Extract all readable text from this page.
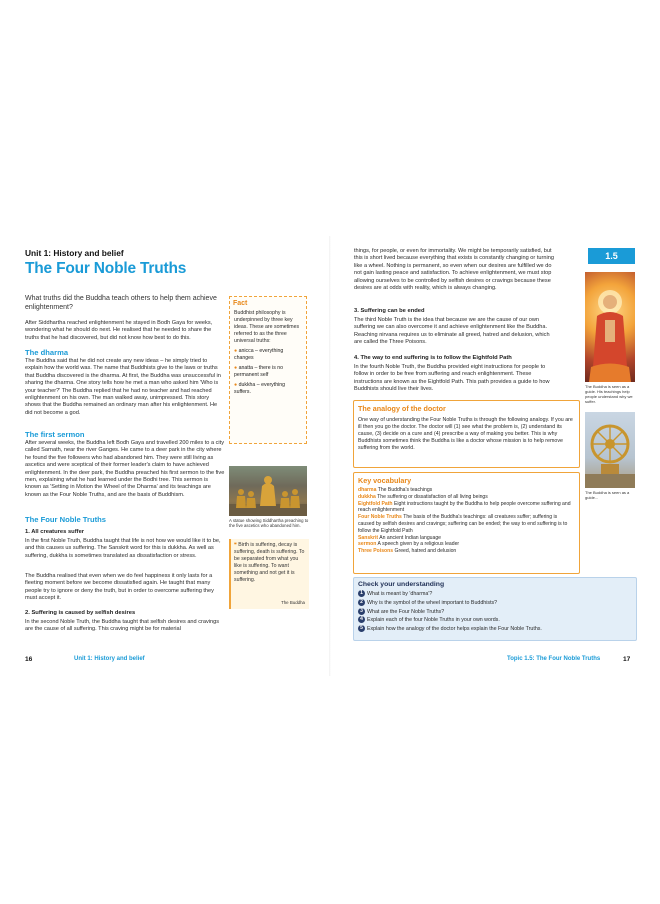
Unit 1: History and belief
The Four Noble Truths

What truths did the Buddha teach others to help them achieve enlightenment?

After Siddhartha reached enlightenment he stayed in Bodh Gaya for weeks, wondering what he should do next. He realised that he needed to share the truths that he had discovered, but did not know how best to do this.

The dharma

The Buddha said that he did not create any new ideas – he simply tried to explain how the world was. The name that Buddhists give to the laws or truths that Buddha discovered is the dharma. At first, the Buddha was unsuccessful in sharing the dharma. One story tells how he met a man who asked him 'Who is your teacher?' The Buddha replied that he had no teacher and had reached enlightenment on his own. The man walked away, unimpressed. This story shows that the Buddha remained an ordinary man after his enlightenment. He did not become a god.

The first sermon

After several weeks, the Buddha left Bodh Gaya and travelled 200 miles to a city called Sarnath, near the river Ganges. He came to a deer park in the city where he found the five followers who had abandoned him. They were still living as ascetics and were sceptical of their former leader's claim to have achieved enlightenment. In the deer park, the Buddha preached his first sermon to the five men, explaining what he had learned under the Bodhi tree. This sermon is known as 'Setting in Motion the Wheel of the Dharma' and its teachings are known as the Four Noble Truths, and are the basis of Buddhism.

The Four Noble Truths
1. All creatures suffer

In the first Noble Truth, Buddha taught that life is not how we would like it to be, and this causes us suffering. The Sanskrit word for this is dukkha. As well as suffering, dukkha is sometimes translated as dissatisfaction or stress.

The Buddha realised that even when we do feel happiness it only lasts for a fleeting moment before we become dissatisfied again. He taught that many people try to ignore or deny the truth, but in order to overcome suffering they must accept it.

2. Suffering is caused by selfish desires

In the second Noble Truth, the Buddha taught that selfish desires and cravings are the cause of all suffering. This craving might be for material

Fact

Buddhist philosophy is underpinned by three key ideas. These are sometimes referred to as the three universal truths:

● anicca – everything changes
● anatta – there is no permanent self
● dukkha – everything suffers.

A statue showing Siddhartha preaching to the five ascetics who abandoned him.

❝ Birth is suffering, decay is suffering, death is suffering. To be separated from what you like is suffering. To want something and not get it is suffering.

The Buddha
16	Unit 1: History and belief

things, for people, or even for immortality. We might be temporarily satisfied, but this is short lived because everything that exists is constantly changing or turning like a wheel. Nothing is permanent, so even when our desires are fulfilled we do not gain lasting peace and satisfaction. To achieve enlightenment, we must stop allowing ourselves to be controlled by selfish desires or cravings because these desires are at odds with reality, which is always changing.

3. Suffering can be ended

The third Noble Truth is the idea that because we are the cause of our own suffering we can also overcome it and achieve enlightenment like the Buddha. Reaching nirvana requires us to eliminate all greed, hatred and delusion, which are called the Three Poisons.

4. The way to end suffering is to follow the Eightfold Path

In the fourth Noble Truth, the Buddha provided eight instructions for people to follow in order to be free from suffering and reach enlightenment. These instructions are known as the Eightfold Path. This path provides a guide to how Buddhists should live their lives.

The analogy of the doctor

One way of understanding the Four Noble Truths is through the following analogy. If you are ill then you go the doctor. The doctor will (1) see what the problem is, (2) understand its cause, (3) decide on a cure and (4) prescribe a way of making you better. This is why Buddhists sometimes think the Buddha is like a doctor whose mission is to help remove suffering from the world.

Key vocabulary
dharma The Buddha's teachings
dukkha The suffering or dissatisfaction of all living beings
Eightfold Path Eight instructions taught by the Buddha to help people overcome suffering and reach enlightenment
Four Noble Truths The basis of the Buddha's teachings: all creatures suffer; suffering is caused by selfish desires and cravings; suffering can be ended; the way to end suffering is to follow the Eightfold Path
Sanskrit An ancient Indian language
sermon A speech given by a religious leader
Three Poisons Greed, hatred and delusion
Check your understanding
1 What is meant by 'dharma'?
2 Why is the symbol of the wheel important to Buddhists?
3 What are the Four Noble Truths?
4 Explain each of the four Noble Truths in your own words.
5 Explain how the analogy of the doctor helps explain the Four Noble Truths.
1.5

The Buddha is seen as a guide. His teachings help people understand why we suffer.

The Buddha is seen as a guide...

Topic 1.5: The Four Noble Truths	17
